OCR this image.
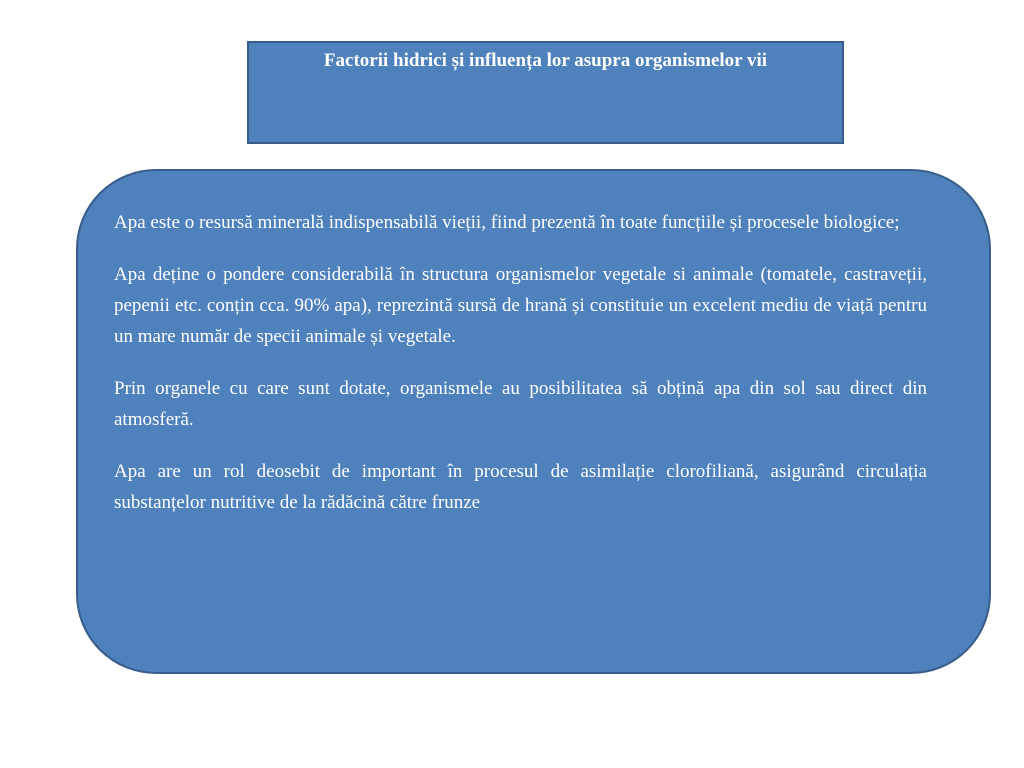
Factorii hidrici și influența lor asupra organismelor vii

Apa este o resursă minerală indispensabilă vieții, fiind prezentă în toate funcțiile și procesele biologice;

Apa deține o pondere considerabilă în structura organismelor vegetale si animale (tomatele, castraveții, pepenii etc. conțin cca. 90% apa), reprezintă sursă de hrană și constituie un excelent mediu de viață pentru un mare număr de specii animale și vegetale.

Prin organele cu care sunt dotate, organismele au posibilitatea să obțină apa din sol sau direct din atmosferă.

Apa are un rol deosebit de important în procesul de asimilație clorofiliană, asigurând circulația substanțelor nutritive de la rădăcină către frunze
